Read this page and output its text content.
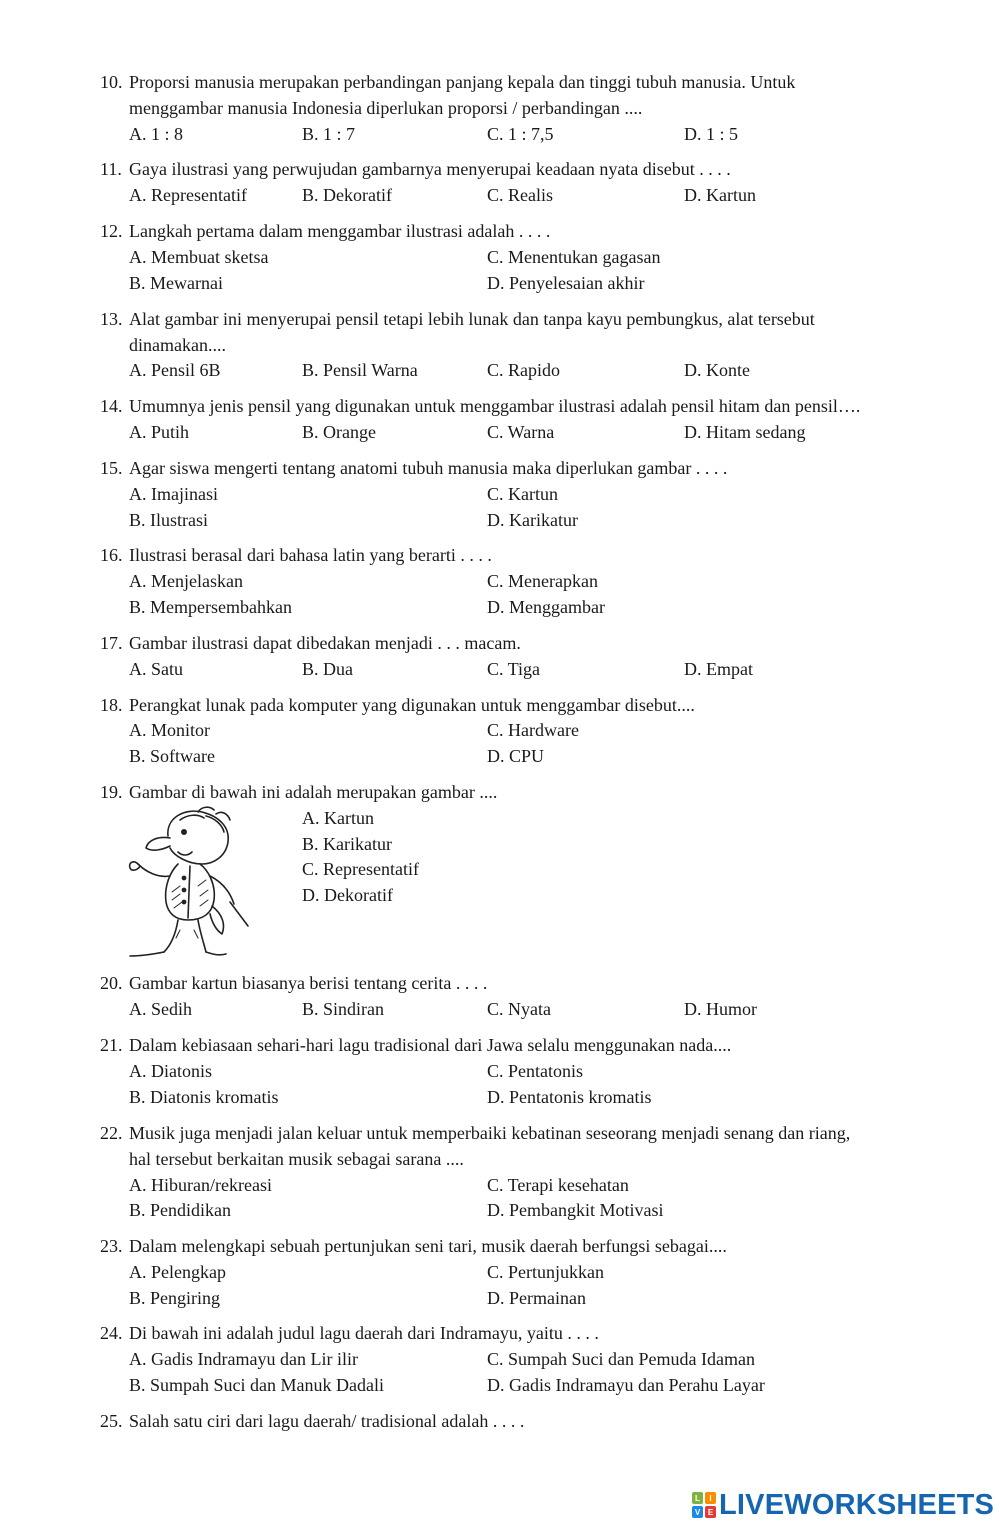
10. Proporsi manusia merupakan perbandingan panjang kepala dan tinggi tubuh manusia. Untuk
menggambar manusia Indonesia diperlukan proporsi / perbandingan ....
A. 1 : 8	B. 1 : 7	C. 1 : 7,5	D. 1 : 5
11. Gaya ilustrasi yang perwujudan gambarnya menyerupai keadaan nyata disebut . . . .
A. Representatif	B. Dekoratif	C. Realis	D. Kartun
12. Langkah pertama dalam menggambar ilustrasi adalah . . . .
A. Membuat sketsa
B. Mewarnai
C. Menentukan gagasan
D. Penyelesaian akhir
13. Alat gambar ini menyerupai pensil tetapi lebih lunak dan tanpa kayu pembungkus, alat tersebut
dinamakan....
A. Pensil 6B	B. Pensil Warna	C. Rapido	D. Konte
14. Umumnya jenis pensil yang digunakan untuk menggambar ilustrasi adalah pensil hitam dan pensil….
A. Putih	B. Orange	C. Warna	D. Hitam sedang
15. Agar siswa mengerti tentang anatomi tubuh manusia maka diperlukan gambar . . . .
A. Imajinasi
B. Ilustrasi
C. Kartun
D. Karikatur
16. Ilustrasi berasal dari bahasa latin yang berarti . . . .
A. Menjelaskan
B. Mempersembahkan
C. Menerapkan
D. Menggambar
17. Gambar ilustrasi dapat dibedakan menjadi . . . macam.
A. Satu	B. Dua	C. Tiga	D. Empat
18. Perangkat lunak pada komputer yang digunakan untuk menggambar disebut....
A. Monitor
B. Software
C. Hardware
D. CPU
19. Gambar di bawah ini adalah merupakan gambar ....
A. Kartun
B. Karikatur
C. Representatif
D. Dekoratif
20. Gambar kartun biasanya berisi tentang cerita . . . .
A. Sedih	B. Sindiran	C. Nyata	D. Humor
21. Dalam kebiasaan sehari-hari lagu tradisional dari Jawa selalu menggunakan nada....
A. Diatonis
B. Diatonis kromatis
C. Pentatonis
D. Pentatonis kromatis
22. Musik juga menjadi jalan keluar untuk memperbaiki kebatinan seseorang menjadi senang dan riang,
hal tersebut berkaitan musik sebagai sarana ....
A. Hiburan/rekreasi
B. Pendidikan
C. Terapi kesehatan
D. Pembangkit Motivasi
23. Dalam melengkapi sebuah pertunjukan seni tari, musik daerah berfungsi sebagai....
A. Pelengkap
B. Pengiring
C. Pertunjukkan
D. Permainan
24. Di bawah ini adalah judul lagu daerah dari Indramayu, yaitu . . . .
A. Gadis Indramayu dan Lir ilir
B. Sumpah Suci dan Manuk Dadali
C. Sumpah Suci dan Pemuda Idaman
D. Gadis Indramayu dan Perahu Layar
25. Salah satu ciri dari lagu daerah/ tradisional adalah . . . .
L I
V E LIVEWORKSHEETS
